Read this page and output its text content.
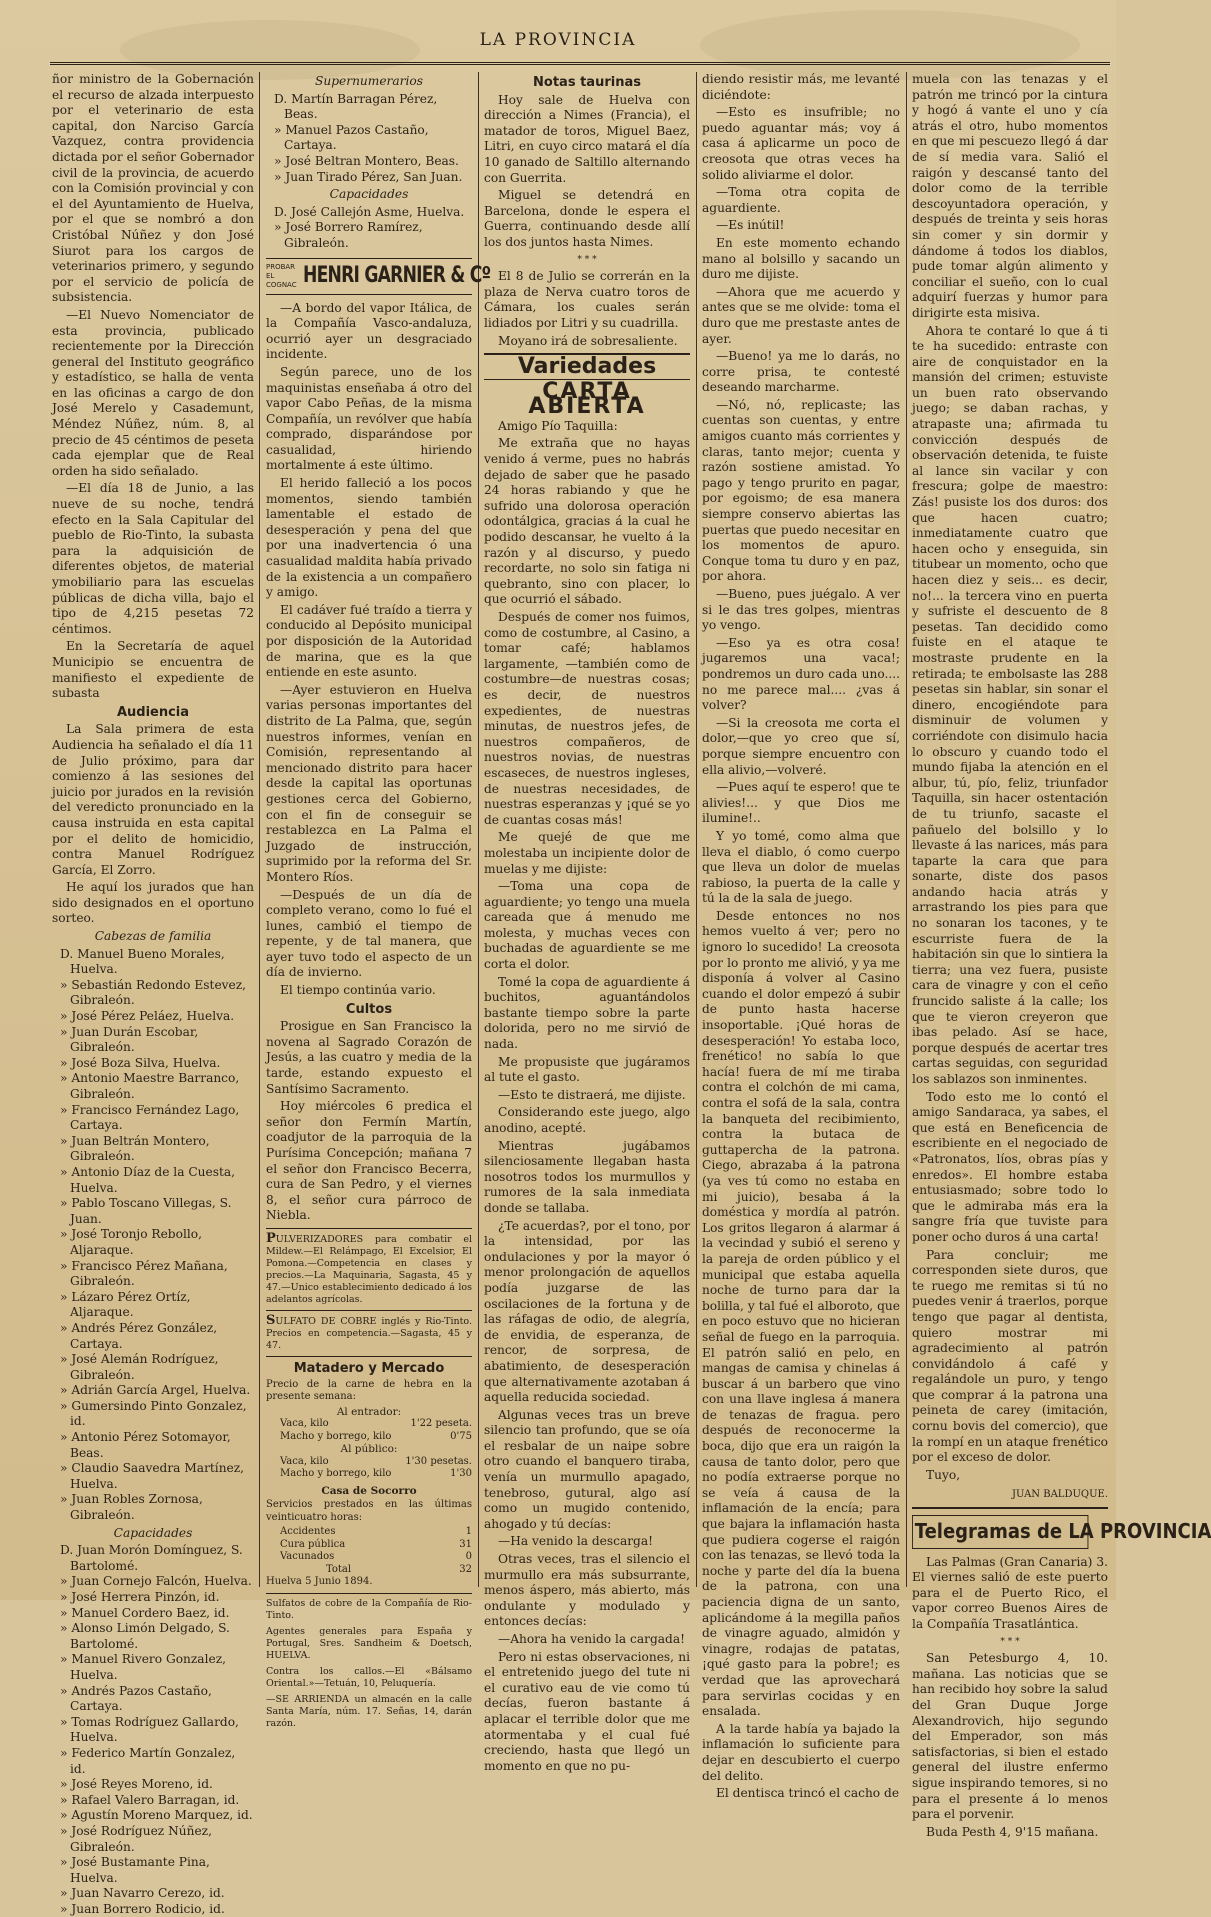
LA PROVINCIA

ñor ministro de la Gobernación el recurso de alzada interpuesto por el veterinario de esta capital, don Narciso García Vazquez, contra providencia dictada por el señor Gobernador civil de la provincia, de acuerdo con la Comisión provincial y con el del Ayuntamiento de Huelva, por el que se nombró a don Cristóbal Núñez y don José Siurot para los cargos de veterinarios primero, y segundo por el servicio de policía de subsistencia.

—El Nuevo Nomenciator de esta provincia, publicado recientemente por la Dirección general del Instituto geográfico y estadístico, se halla de venta en las oficinas a cargo de don José Merelo y Casademunt, Méndez Núñez, núm. 8, al precio de 45 céntimos de peseta cada ejemplar que de Real orden ha sido señalado.

—El día 18 de Junio, a las nueve de su noche, tendrá efecto en la Sala Capitular del pueblo de Rio-Tinto, la subasta para la adquisición de diferentes objetos, de material ymobiliario para las escuelas públicas de dicha villa, bajo el tipo de 4,215 pesetas 72 céntimos.

En la Secretaría de aquel Municipio se encuentra de manifiesto el expediente de subasta

Audiencia

La Sala primera de esta Audiencia ha señalado el día 11 de Julio próximo, para dar comienzo á las sesiones del juicio por jurados en la revisión del veredicto pronunciado en la causa instruida en esta capital por el delito de homicidio, contra Manuel Rodríguez García, El Zorro.

He aquí los jurados que han sido designados en el oportuno sorteo.

Cabezas de familia
D. Manuel Bueno Morales, Huelva.
» Sebastián Redondo Estevez, Gibraleón.
» José Pérez Peláez, Huelva.
» Juan Durán Escobar, Gibraleón.
» José Boza Silva, Huelva.
» Antonio Maestre Barranco, Gibraleón.
» Francisco Fernández Lago, Cartaya.
» Juan Beltrán Montero, Gibraleón.
» Antonio Díaz de la Cuesta, Huelva.
» Pablo Toscano Villegas, S. Juan.
» José Toronjo Rebollo, Aljaraque.
» Francisco Pérez Mañana, Gibraleón.
» Lázaro Pérez Ortíz, Aljaraque.
» Andrés Pérez González, Cartaya.
» José Alemán Rodríguez, Gibraleón.
» Adrián García Argel, Huelva.
» Gumersindo Pinto Gonzalez, id.
» Antonio Pérez Sotomayor, Beas.
» Claudio Saavedra Martínez, Huelva.
» Juan Robles Zornosa, Gibraleón.
Capacidades
D. Juan Morón Domínguez, S. Bartolomé.
» Juan Cornejo Falcón, Huelva.
» José Herrera Pinzón, id.
» Manuel Cordero Baez, id.
» Alonso Limón Delgado, S. Bartolomé.
» Manuel Rivero Gonzalez, Huelva.
» Andrés Pazos Castaño, Cartaya.
» Tomas Rodríguez Gallardo, Huelva.
» Federico Martín Gonzalez, id.
» José Reyes Moreno, id.
» Rafael Valero Barragan, id.
» Agustín Moreno Marquez, id.
» José Rodríguez Núñez, Gibraleón.
» José Bustamante Pina, Huelva.
» Juan Navarro Cerezo, id.
» Juan Borrero Rodicio, id.
Supernumerarios
D. Martín Barragan Pérez, Beas.
» Manuel Pazos Castaño, Cartaya.
» José Beltran Montero, Beas.
» Juan Tirado Pérez, San Juan.
Capacidades
D. José Callejón Asme, Huelva.
» José Borrero Ramírez, Gibraleón.
PROBAR EL COGNAC HENRI GARNIER & Cº

—A bordo del vapor Itálica, de la Compañía Vasco-andaluza, ocurrió ayer un desgraciado incidente.

Según parece, uno de los maquinistas enseñaba á otro del vapor Cabo Peñas, de la misma Compañía, un revólver que había comprado, disparándose por casualidad, hiriendo mortalmente á este último.

El herido falleció a los pocos momentos, siendo también lamentable el estado de desesperación y pena del que por una inadvertencia ó una casualidad maldita había privado de la existencia a un compañero y amigo.

El cadáver fué traído a tierra y conducido al Depósito municipal por disposición de la Autoridad de marina, que es la que entiende en este asunto.

—Ayer estuvieron en Huelva varias personas importantes del distrito de La Palma, que, según nuestros informes, venían en Comisión, representando al mencionado distrito para hacer desde la capital las oportunas gestiones cerca del Gobierno, con el fin de conseguir se restablezca en La Palma el Juzgado de instrucción, suprimido por la reforma del Sr. Montero Ríos.

—Después de un día de completo verano, como lo fué el lunes, cambió el tiempo de repente, y de tal manera, que ayer tuvo todo el aspecto de un día de invierno.

El tiempo continúa vario.

Cultos

Prosigue en San Francisco la novena al Sagrado Corazón de Jesús, a las cuatro y media de la tarde, estando expuesto el Santísimo Sacramento.

Hoy miércoles 6 predica el señor don Fermín Martín, coadjutor de la parroquia de la Purísima Concepción; mañana 7 el señor don Francisco Becerra, cura de San Pedro, y el viernes 8, el señor cura párroco de Niebla.

PULVERIZADORES para combatir el Mildew.—El Relámpago, El Excelsior, El Pomona.—Competencia en clases y precios.—La Maquinaria, Sagasta, 45 y 47.—Unico establecimiento dedicado á los adelantos agrícolas.

SULFATO DE COBRE inglés y Rio-Tinto. Precios en competencia.—Sagasta, 45 y 47.

Matadero y Mercado

Precio de la carne de hebra en la presente semana:

Al entrador:
Vaca, kilo	1'22 peseta.
Macho y borrego, kilo	0'75
Al público:
Vaca, kilo	1'30 pesetas.
Macho y borrego, kilo	1'30
Casa de Socorro

Servicios prestados en las últimas veinticuatro horas:

Accidentes	1
Cura pública	31
Vacunados	0
Total	32

Huelva 5 Junio 1894.

Sulfatos de cobre de la Compañía de Rio-Tinto.

Agentes generales para España y Portugal, Sres. Sandheim & Doetsch, HUELVA.

Contra los callos.—El «Bálsamo Oriental.»—Tetuán, 10, Peluquería.

—SE ARRIENDA un almacén en la calle Santa María, núm. 17. Señas, 14, darán razón.

Notas taurinas

Hoy sale de Huelva con dirección a Nimes (Francia), el matador de toros, Miguel Baez, Litri, en cuyo circo matará el día 10 ganado de Saltillo alternando con Guerrita.

Miguel se detendrá en Barcelona, donde le espera el Guerra, continuando desde allí los dos juntos hasta Nimes.

* * *

El 8 de Julio se correrán en la plaza de Nerva cuatro toros de Cámara, los cuales serán lidiados por Litri y su cuadrilla.

Moyano irá de sobresaliente.

Variedades
CARTA ABIERTA

Amigo Pío Taquilla:

Me extraña que no hayas venido á verme, pues no habrás dejado de saber que he pasado 24 horas rabiando y que he sufrido una dolorosa operación odontálgica, gracias á la cual he podido descansar, he vuelto á la razón y al discurso, y puedo recordarte, no solo sin fatiga ni quebranto, sino con placer, lo que ocurrió el sábado.

Después de comer nos fuimos, como de costumbre, al Casino, a tomar café; hablamos largamente, —también como de costumbre—de nuestras cosas; es decir, de nuestros expedientes, de nuestras minutas, de nuestros jefes, de nuestros compañeros, de nuestros novias, de nuestras escaseces, de nuestros ingleses, de nuestras necesidades, de nuestras esperanzas y ¡qué se yo de cuantas cosas más!

Me quejé de que me molestaba un incipiente dolor de muelas y me dijiste:

—Toma una copa de aguardiente; yo tengo una muela careada que á menudo me molesta, y muchas veces con buchadas de aguardiente se me corta el dolor.

Tomé la copa de aguardiente á buchitos, aguantándolos bastante tiempo sobre la parte dolorida, pero no me sirvió de nada.

Me propusiste que jugáramos al tute el gasto.

—Esto te distraerá, me dijiste.

Considerando este juego, algo anodino, acepté.

Mientras jugábamos silenciosamente llegaban hasta nosotros todos los murmullos y rumores de la sala inmediata donde se tallaba.

¿Te acuerdas?, por el tono, por la intensidad, por las ondulaciones y por la mayor ó menor prolongación de aquellos podía juzgarse de las oscilaciones de la fortuna y de las ráfagas de odio, de alegría, de envidia, de esperanza, de rencor, de sorpresa, de abatimiento, de desesperación que alternativamente azotaban á aquella reducida sociedad.

Algunas veces tras un breve silencio tan profundo, que se oía el resbalar de un naipe sobre otro cuando el banquero tiraba, venía un murmullo apagado, tenebroso, gutural, algo así como un mugido contenido, ahogado y tú decías:

—Ha venido la descarga!

Otras veces, tras el silencio el murmullo era más subsurrante, menos áspero, más abierto, más ondulante y modulado y entonces decías:

—Ahora ha venido la cargada!

Pero ni estas observaciones, ni el entretenido juego del tute ni el curativo eau de vie como tú decías, fueron bastante á aplacar el terrible dolor que me atormentaba y el cual fué creciendo, hasta que llegó un momento en que no pu-

diendo resistir más, me levanté diciéndote:

—Esto es insufrible; no puedo aguantar más; voy á casa á aplicarme un poco de creosota que otras veces ha solido aliviarme el dolor.

—Toma otra copita de aguardiente.

—Es inútil!

En este momento echando mano al bolsillo y sacando un duro me dijiste.

—Ahora que me acuerdo y antes que se me olvide: toma el duro que me prestaste antes de ayer.

—Bueno! ya me lo darás, no corre prisa, te contesté deseando marcharme.

—Nó, nó, replicaste; las cuentas son cuentas, y entre amigos cuanto más corrientes y claras, tanto mejor; cuenta y razón sostiene amistad. Yo pago y tengo prurito en pagar, por egoismo; de esa manera siempre conservo abiertas las puertas que puedo necesitar en los momentos de apuro. Conque toma tu duro y en paz, por ahora.

—Bueno, pues juégalo. A ver si le das tres golpes, mientras yo vengo.

—Eso ya es otra cosa! jugaremos una vaca!; pondremos un duro cada uno.... no me parece mal.... ¿vas á volver?

—Si la creosota me corta el dolor,—que yo creo que sí, porque siempre encuentro con ella alivio,—volveré.

—Pues aquí te espero! que te alivies!... y que Dios me ilumine!..

Y yo tomé, como alma que lleva el diablo, ó como cuerpo que lleva un dolor de muelas rabioso, la puerta de la calle y tú la de la sala de juego.

Desde entonces no nos hemos vuelto á ver; pero no ignoro lo sucedido! La creosota por lo pronto me alivió, y ya me disponía á volver al Casino cuando el dolor empezó á subir de punto hasta hacerse insoportable. ¡Qué horas de desesperación! Yo estaba loco, frenético! no sabía lo que hacía! fuera de mí me tiraba contra el colchón de mi cama, contra el sofá de la sala, contra la banqueta del recibimiento, contra la butaca de guttapercha de la patrona. Ciego, abrazaba á la patrona (ya ves tú como no estaba en mi juicio), besaba á la doméstica y mordía al patrón. Los gritos llegaron á alarmar á la vecindad y subió el sereno y la pareja de orden público y el municipal que estaba aquella noche de turno para dar la bolilla, y tal fué el alboroto, que en poco estuvo que no hicieran señal de fuego en la parroquia. El patrón salió en pelo, en mangas de camisa y chinelas á buscar á un barbero que vino con una llave inglesa á manera de tenazas de fragua. pero después de reconocerme la boca, dijo que era un raigón la causa de tanto dolor, pero que no podía extraerse porque no se veía á causa de la inflamación de la encía; para que bajara la inflamación hasta que pudiera cogerse el raigón con las tenazas, se llevó toda la noche y parte del día la buena de la patrona, con una paciencia digna de un santo, aplicándome á la megilla paños de vinagre aguado, almidón y vinagre, rodajas de patatas, ¡qué gasto para la pobre!; es verdad que las aprovechará para servirlas cocidas y en ensalada.

A la tarde había ya bajado la inflamación lo suficiente para dejar en descubierto el cuerpo del delito.

El dentisca trincó el cacho de

muela con las tenazas y el patrón me trincó por la cintura y hogó á vante el uno y cía atrás el otro, hubo momentos en que mi pescuezo llegó á dar de sí media vara. Salió el raigón y descansé tanto del dolor como de la terrible descoyuntadora operación, y después de treinta y seis horas sin comer y sin dormir y dándome á todos los diablos, pude tomar algún alimento y conciliar el sueño, con lo cual adquirí fuerzas y humor para dirigirte esta misiva.

Ahora te contaré lo que á ti te ha sucedido: entraste con aire de conquistador en la mansión del crimen; estuviste un buen rato observando juego; se daban rachas, y atrapaste una; afirmada tu convicción después de observación detenida, te fuiste al lance sin vacilar y con frescura; golpe de maestro: Zás! pusiste los dos duros: dos que hacen cuatro; inmediatamente cuatro que hacen ocho y enseguida, sin titubear un momento, ocho que hacen diez y seis... es decir, no!... la tercera vino en puerta y sufriste el descuento de 8 pesetas. Tan decidido como fuiste en el ataque te mostraste prudente en la retirada; te embolsaste las 288 pesetas sin hablar, sin sonar el dinero, encogiéndote para disminuir de volumen y corriéndote con disimulo hacia lo obscuro y cuando todo el mundo fijaba la atención en el albur, tú, pío, feliz, triunfador Taquilla, sin hacer ostentación de tu triunfo, sacaste el pañuelo del bolsillo y lo llevaste á las narices, más para taparte la cara que para sonarte, diste dos pasos andando hacia atrás y arrastrando los pies para que no sonaran los tacones, y te escurriste fuera de la habitación sin que lo sintiera la tierra; una vez fuera, pusiste cara de vinagre y con el ceño fruncido saliste á la calle; los que te vieron creyeron que ibas pelado. Así se hace, porque después de acertar tres cartas seguidas, con seguridad los sablazos son inminentes.

Todo esto me lo contó el amigo Sandaraca, ya sabes, el que está en Beneficencia de escribiente en el negociado de «Patronatos, líos, obras pías y enredos». El hombre estaba entusiasmado; sobre todo lo que le admiraba más era la sangre fría que tuviste para poner ocho duros á una carta!

Para concluir; me corresponden siete duros, que te ruego me remitas si tú no puedes venir á traerlos, porque tengo que pagar al dentista, quiero mostrar mi agradecimiento al patrón convidándolo á café y regalándole un puro, y tengo que comprar á la patrona una peineta de carey (imitación, cornu bovis del comercio), que la rompí en un ataque frenético por el exceso de dolor.

Tuyo,

JUAN BALDUQUE.
Telegramas de LA PROVINCIA

Las Palmas (Gran Canaria) 3. El viernes salió de este puerto para el de Puerto Rico, el vapor correo Buenos Aires de la Compañía Trasatlántica.

* * *

San Petesburgo 4, 10. mañana. Las noticias que se han recibido hoy sobre la salud del Gran Duque Jorge Alexandrovich, hijo segundo del Emperador, son más satisfactorias, si bien el estado general del ilustre enfermo sigue inspirando temores, si no para el presente á lo menos para el porvenir.

Buda Pesth 4, 9'15 mañana.
